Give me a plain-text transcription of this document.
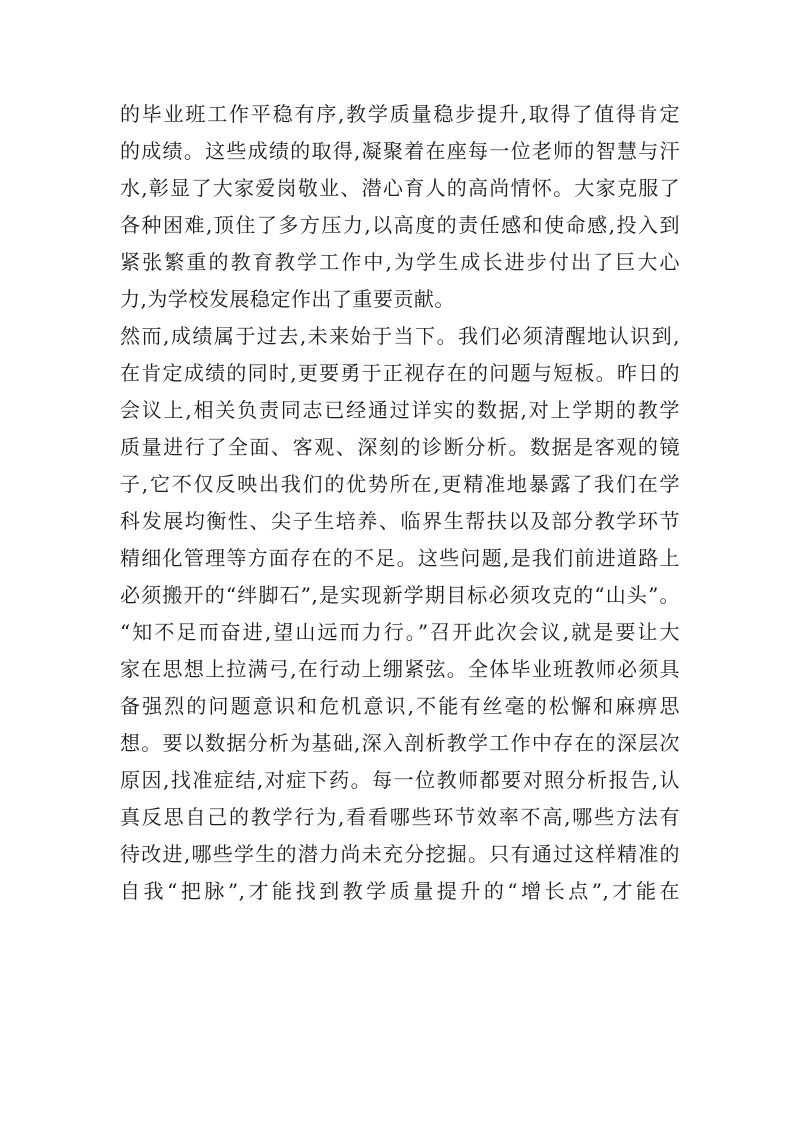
的毕业班工作平稳有序,教学质量稳步提升,取得了值得肯定
的成绩。这些成绩的取得,凝聚着在座每一位老师的智慧与汗
水,彰显了大家爱岗敬业、潜心育人的高尚情怀。大家克服了
各种困难,顶住了多方压力,以高度的责任感和使命感,投入到
紧张繁重的教育教学工作中,为学生成长进步付出了巨大心
力,为学校发展稳定作出了重要贡献。
然而,成绩属于过去,未来始于当下。我们必须清醒地认识到,
在肯定成绩的同时,更要勇于正视存在的问题与短板。昨日的
会议上,相关负责同志已经通过详实的数据,对上学期的教学
质量进行了全面、客观、深刻的诊断分析。数据是客观的镜
子,它不仅反映出我们的优势所在,更精准地暴露了我们在学
科发展均衡性、尖子生培养、临界生帮扶以及部分教学环节
精细化管理等方面存在的不足。这些问题,是我们前进道路上
必须搬开的“绊脚石”,是实现新学期目标必须攻克的“山头”。
“知不足而奋进,望山远而力行。”召开此次会议,就是要让大
家在思想上拉满弓,在行动上绷紧弦。全体毕业班教师必须具
备强烈的问题意识和危机意识,不能有丝毫的松懈和麻痹思
想。要以数据分析为基础,深入剖析教学工作中存在的深层次
原因,找准症结,对症下药。每一位教师都要对照分析报告,认
真反思自己的教学行为,看看哪些环节效率不高,哪些方法有
待改进,哪些学生的潜力尚未充分挖掘。只有通过这样精准的
自我“把脉”,才能找到教学质量提升的“增长点”,才能在
